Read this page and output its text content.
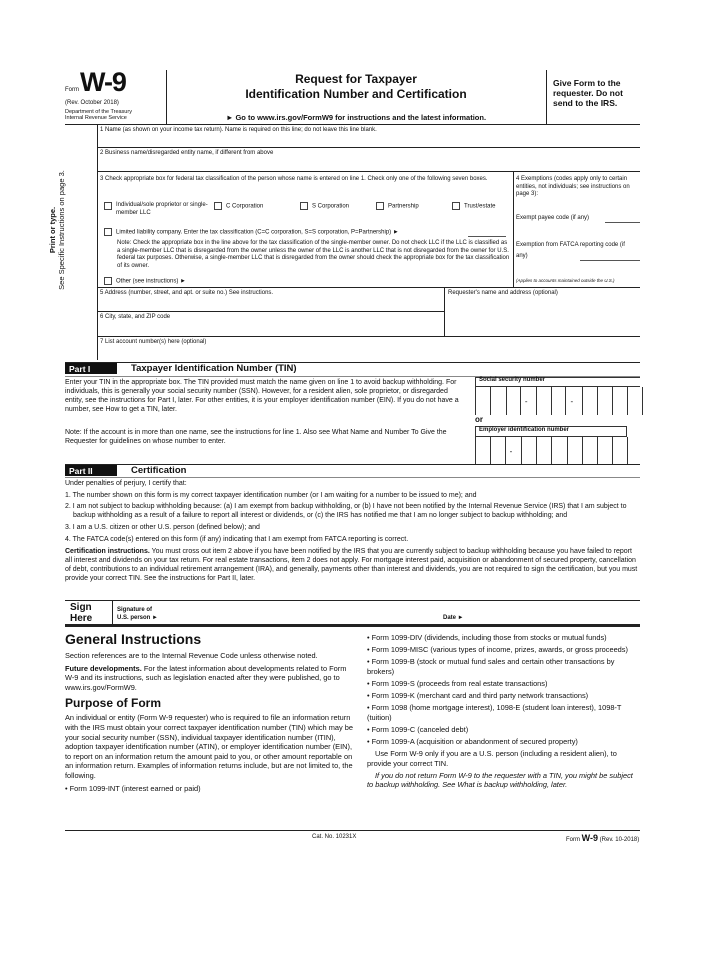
Form W-9
(Rev. October 2018)
Department of the Treasury
Internal Revenue Service
Request for Taxpayer
Identification Number and Certification
► Go to www.irs.gov/FormW9 for instructions and the latest information.
Give Form to the
requester. Do not
send to the IRS.
Print or type. See Specific Instructions on page 3.
1 Name (as shown on your income tax return). Name is required on this line; do not leave this line blank.
2 Business name/disregarded entity name, if different from above
3 Check appropriate box for federal tax classification of the person whose name is entered on line 1. Check only one of the following seven boxes.
Individual/sole proprietor or single-member LLC
C Corporation	S Corporation	Partnership	Trust/estate
Limited liability company. Enter the tax classification (C=C corporation, S=S corporation, P=Partnership) ►
Note: Check the appropriate box in the line above for the tax classification of the single-member owner. Do not check LLC if the LLC is classified as a single-member LLC that is disregarded from the owner unless the owner of the LLC is another LLC that is not disregarded from the owner for U.S. federal tax purposes. Otherwise, a single-member LLC that is disregarded from the owner should check the appropriate box for the tax classification of its owner.
Other (see instructions) ►
4 Exemptions (codes apply only to certain entities, not individuals; see instructions on page 3):
Exempt payee code (if any)
Exemption from FATCA reporting code (if any)
(Applies to accounts maintained outside the U.S.)
5 Address (number, street, and apt. or suite no.) See instructions.	Requester's name and address (optional)
6 City, state, and ZIP code
7 List account number(s) here (optional)
Part I	Taxpayer Identification Number (TIN)
Enter your TIN in the appropriate box. The TIN provided must match the name given on line 1 to avoid backup withholding. For individuals, this is generally your social security number (SSN). However, for a resident alien, sole proprietor, or disregarded entity, see the instructions for Part I, later. For other entities, it is your employer identification number (EIN). If you do not have a number, see How to get a TIN, later.
Note: If the account is in more than one name, see the instructions for line 1. Also see What Name and Number To Give the Requester for guidelines on whose number to enter.
Social security number
-	-
or
Employer identification number
-
Part II	Certification
Under penalties of perjury, I certify that:
1. The number shown on this form is my correct taxpayer identification number (or I am waiting for a number to be issued to me); and
2. I am not subject to backup withholding because: (a) I am exempt from backup withholding, or (b) I have not been notified by the Internal Revenue Service (IRS) that I am subject to backup withholding as a result of a failure to report all interest or dividends, or (c) the IRS has notified me that I am no longer subject to backup withholding; and
3. I am a U.S. citizen or other U.S. person (defined below); and
4. The FATCA code(s) entered on this form (if any) indicating that I am exempt from FATCA reporting is correct.
Certification instructions. You must cross out item 2 above if you have been notified by the IRS that you are currently subject to backup withholding because you have failed to report all interest and dividends on your tax return. For real estate transactions, item 2 does not apply. For mortgage interest paid, acquisition or abandonment of secured property, cancellation of debt, contributions to an individual retirement arrangement (IRA), and generally, payments other than interest and dividends, you are not required to sign the certification, but you must provide your correct TIN. See the instructions for Part II, later.
Sign
Here
Signature of
U.S. person ►	Date ►
General Instructions
Section references are to the Internal Revenue Code unless otherwise noted.
Future developments. For the latest information about developments related to Form W-9 and its instructions, such as legislation enacted after they were published, go to www.irs.gov/FormW9.
Purpose of Form
An individual or entity (Form W-9 requester) who is required to file an information return with the IRS must obtain your correct taxpayer identification number (TIN) which may be your social security number (SSN), individual taxpayer identification number (ITIN), adoption taxpayer identification number (ATIN), or employer identification number (EIN), to report on an information return the amount paid to you, or other amount reportable on an information return. Examples of information returns include, but are not limited to, the following.
• Form 1099-INT (interest earned or paid)
• Form 1099-DIV (dividends, including those from stocks or mutual funds)
• Form 1099-MISC (various types of income, prizes, awards, or gross proceeds)
• Form 1099-B (stock or mutual fund sales and certain other transactions by brokers)
• Form 1099-S (proceeds from real estate transactions)
• Form 1099-K (merchant card and third party network transactions)
• Form 1098 (home mortgage interest), 1098-E (student loan interest), 1098-T (tuition)
• Form 1099-C (canceled debt)
• Form 1099-A (acquisition or abandonment of secured property)
Use Form W-9 only if you are a U.S. person (including a resident alien), to provide your correct TIN.
If you do not return Form W-9 to the requester with a TIN, you might be subject to backup withholding. See What is backup withholding, later.
Cat. No. 10231X	Form W-9 (Rev. 10-2018)
